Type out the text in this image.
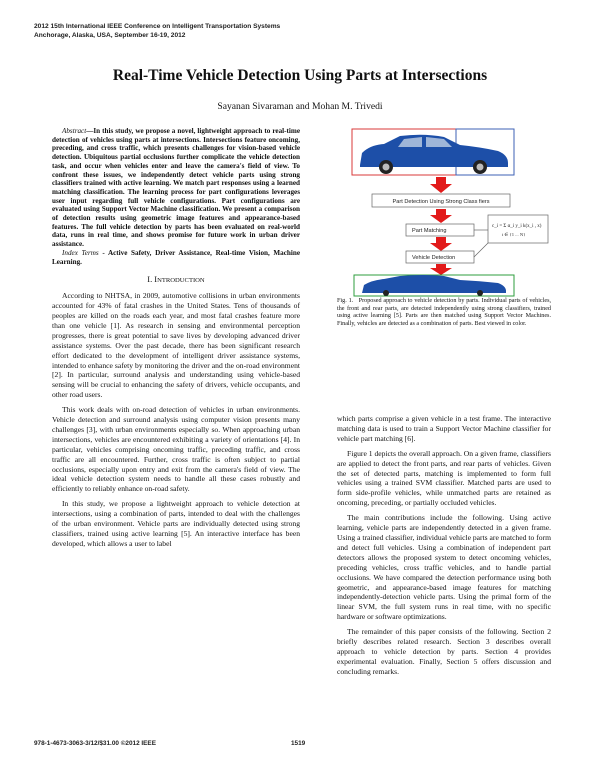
2012 15th International IEEE Conference on Intelligent Transportation Systems
Anchorage, Alaska, USA, September 16-19, 2012
Real-Time Vehicle Detection Using Parts at Intersections
Sayanan Sivaraman and Mohan M. Trivedi

Abstract—In this study, we propose a novel, lightweight approach to real-time detection of vehicles using parts at intersections. Intersections feature oncoming, preceding, and cross traffic, which presents challenges for vision-based vehicle detection. Ubiquitous partial occlusions further complicate the vehicle detection task, and occur when vehicles enter and leave the camera's field of view. To confront these issues, we independently detect vehicle parts using strong classifiers trained with active learning. We match part responses using a learned matching classification. The learning process for part configurations leverages user input regarding full vehicle configurations. Part configurations are evaluated using Support Vector Machine classification. We present a comparison of detection results using geometric image features and appearance-based features. The full vehicle detection by parts has been evaluated on real-world data, runs in real time, and shows promise for future work in urban driver assistance.

Index Terms - Active Safety, Driver Assistance, Real-time Vision, Machine Learning.

I. INTRODUCTION

According to NHTSA, in 2009, automotive collisions in urban environments accounted for 43% of fatal crashes in the United States. Tens of thousands of peoples are killed on the roads each year, and most fatal crashes feature more than one vehicle [1]. As research in sensing and environmental perception progresses, there is great potential to save lives by developing advanced driver assistance systems. Over the past decade, there has been significant research effort dedicated to the development of intelligent driver assistance systems, intended to enhance safety by monitoring the driver and the on-road environment [2]. In particular, surround analysis and understanding using vehicle-based sensing will be crucial to enhancing the safety of drivers, vehicle occupants, and other road users.

This work deals with on-road detection of vehicles in urban environments. Vehicle detection and surround analysis using computer vision presents many challenges [3], with urban environments especially so. When approaching urban intersections, vehicles are encountered exhibiting a variety of orientations [4]. In particular, vehicles comprising oncoming traffic, preceding traffic, and cross traffic are all encountered. Further, cross traffic is often subject to partial occlusions, especially upon entry and exit from the camera's field of view. The ideal vehicle detection system needs to handle all these cases robustly and efficiently to reliably enhance on-road safety.

In this study, we propose a lightweight approach to vehicle detection at intersections, using a combination of parts, intended to deal with the challenges of the urban environment. Vehicle parts are individually detected using strong classifiers, trained using active learning [5]. An interactive interface has been developed, which allows a user to label

Part Detection Using Strong Class fiers
Part Matching
c_i = Σ α_i y_i k(x_i , x)
i ∈ {1 ... N}
Vehicle Detection
Fig. 1. Proposed approach to vehicle detection by parts. Individual parts of vehicles, the front and rear parts, are detected independently using strong classifiers, trained using active learning [5]. Parts are then matched using Support Vector Machines. Finally, vehicles are detected as a combination of parts. Best viewed in color.

which parts comprise a given vehicle in a test frame. The interactive matching data is used to train a Support Vector Machine classifier for vehicle part matching [6].

Figure 1 depicts the overall approach. On a given frame, classifiers are applied to detect the front parts, and rear parts of vehicles. Given the set of detected parts, matching is implemented to form full vehicles using a trained SVM classifier. Matched parts are used to form side-profile vehicles, while unmatched parts are retained as oncoming, preceding, or partially occluded vehicles.

The main contributions include the following. Using active learning, vehicle parts are independently detected in a given frame. Using a trained classifier, individual vehicle parts are matched to form and detect full vehicles. Using a combination of independent part detectors allows the proposed system to detect oncoming vehicles, preceding vehicles, cross traffic vehicles, and to handle partial occlusions. We have compared the detection performance using both geometric, and appearance-based image features for matching independently-detection vehicle parts. Using the primal form of the linear SVM, the full system runs in real time, with no specific hardware or software optimizations.

The remainder of this paper consists of the following. Section 2 briefly describes related research. Section 3 describes overall approach to vehicle detection by parts. Section 4 provides experimental evaluation. Finally, Section 5 offers discussion and concluding remarks.

978-1-4673-3063-3/12/$31.00 ©2012 IEEE	1519
